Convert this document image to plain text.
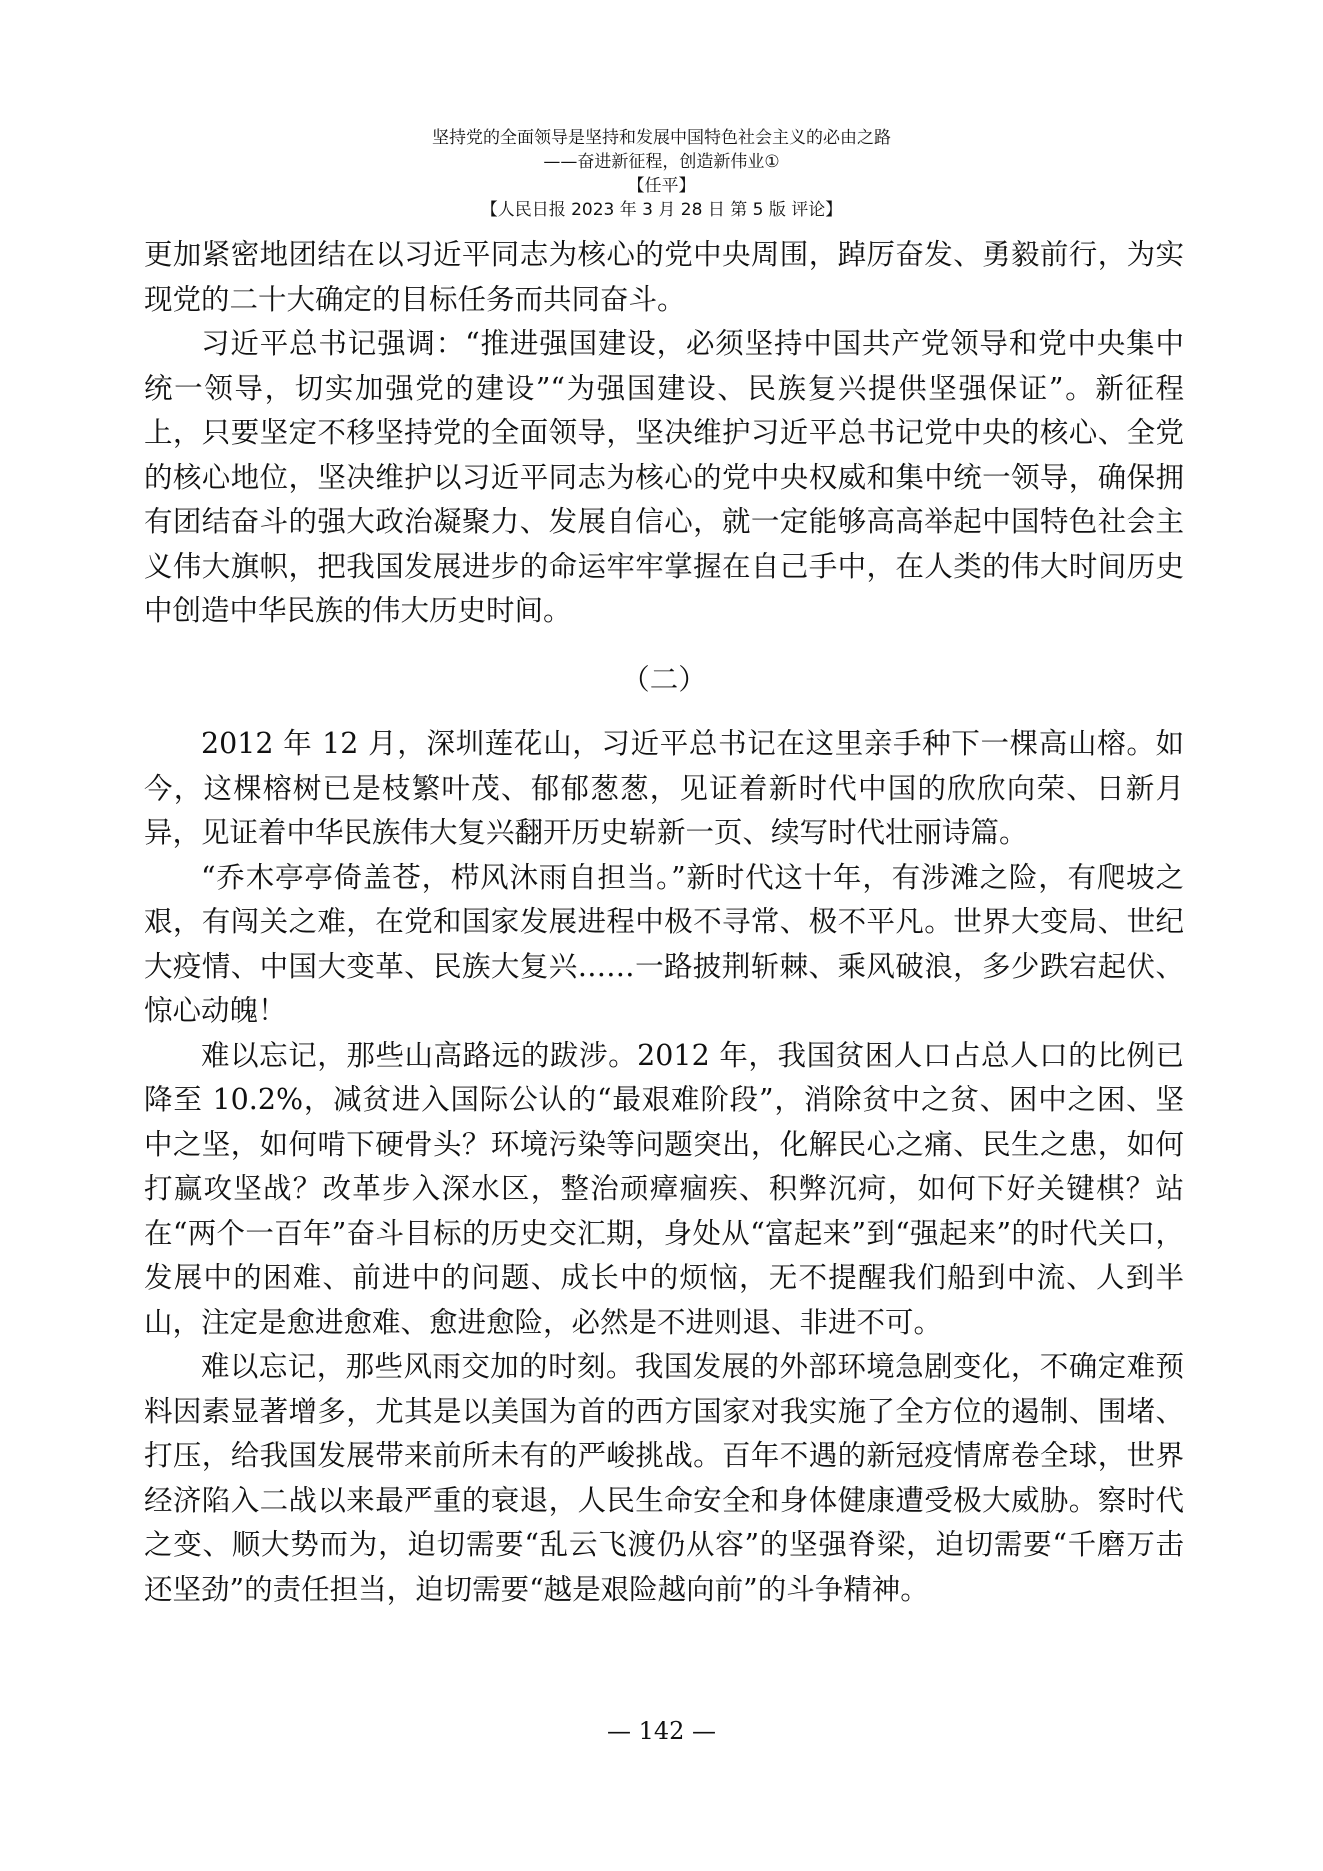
坚持党的全面领导是坚持和发展中国特色社会主义的必由之路
——奋进新征程，创造新伟业①
【任平】
【人民日报 2023 年 3 月 28 日 第 5 版 评论】

更加紧密地团结在以习近平同志为核心的党中央周围，踔厉奋发、勇毅前行，为实现党的二十大确定的目标任务而共同奋斗。

习近平总书记强调：“推进强国建设，必须坚持中国共产党领导和党中央集中统一领导，切实加强党的建设”“为强国建设、民族复兴提供坚强保证”。新征程上，只要坚定不移坚持党的全面领导，坚决维护习近平总书记党中央的核心、全党的核心地位，坚决维护以习近平同志为核心的党中央权威和集中统一领导，确保拥有团结奋斗的强大政治凝聚力、发展自信心，就一定能够高高举起中国特色社会主义伟大旗帜，把我国发展进步的命运牢牢掌握在自己手中，在人类的伟大时间历史中创造中华民族的伟大历史时间。

（二）

2012 年 12 月，深圳莲花山，习近平总书记在这里亲手种下一棵高山榕。如今，这棵榕树已是枝繁叶茂、郁郁葱葱，见证着新时代中国的欣欣向荣、日新月异，见证着中华民族伟大复兴翻开历史崭新一页、续写时代壮丽诗篇。

“乔木亭亭倚盖苍，栉风沐雨自担当。”新时代这十年，有涉滩之险，有爬坡之艰，有闯关之难，在党和国家发展进程中极不寻常、极不平凡。世界大变局、世纪大疫情、中国大变革、民族大复兴……一路披荆斩棘、乘风破浪，多少跌宕起伏、惊心动魄！

难以忘记，那些山高路远的跋涉。2012 年，我国贫困人口占总人口的比例已降至 10.2%，减贫进入国际公认的“最艰难阶段”，消除贫中之贫、困中之困、坚中之坚，如何啃下硬骨头？环境污染等问题突出，化解民心之痛、民生之患，如何打赢攻坚战？改革步入深水区，整治顽瘴痼疾、积弊沉疴，如何下好关键棋？站在“两个一百年”奋斗目标的历史交汇期，身处从“富起来”到“强起来”的时代关口，发展中的困难、前进中的问题、成长中的烦恼，无不提醒我们船到中流、人到半山，注定是愈进愈难、愈进愈险，必然是不进则退、非进不可。

难以忘记，那些风雨交加的时刻。我国发展的外部环境急剧变化，不确定难预料因素显著增多，尤其是以美国为首的西方国家对我实施了全方位的遏制、围堵、打压，给我国发展带来前所未有的严峻挑战。百年不遇的新冠疫情席卷全球，世界经济陷入二战以来最严重的衰退，人民生命安全和身体健康遭受极大威胁。察时代之变、顺大势而为，迫切需要“乱云飞渡仍从容”的坚强脊梁，迫切需要“千磨万击还坚劲”的责任担当，迫切需要“越是艰险越向前”的斗争精神。

— 142 —
